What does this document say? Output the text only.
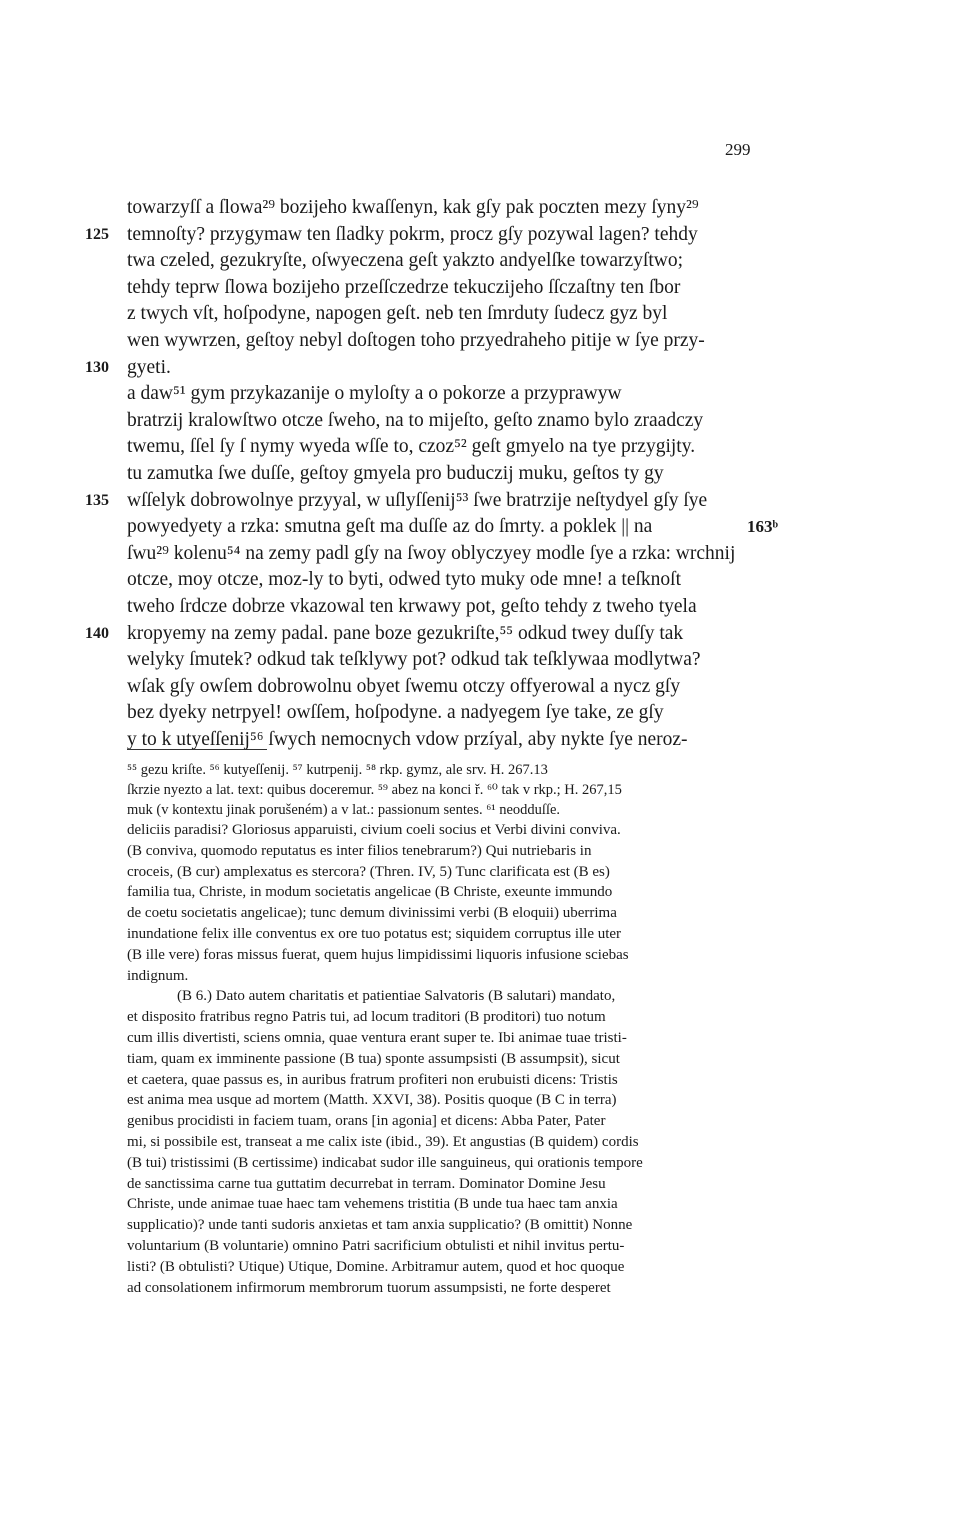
299
towarzyſſ a ſlowa²⁹ bozijeho kwaſſenyn, kak gſy pak poczten mezy ſyny²⁹
125 temnoſty? przygymaw ten ſladky pokrm, procz gſy pozywal lagen? tehdy
twa czeled, gezukryſte, oſwyeczena geſt yakzto andyelſke towarzyſtwo;
tehdy teprw ſlowa bozijeho przeſſczedrze tekuczijeho ſſczaſtny ten ſbor
z twych vſt, hoſpodyne, napogen geſt. neb ten ſmrduty ſudecz gyz byl
wen wywrzen, geſtoy nebyl doſtogen toho przyedraheho pitije w ſye przy-
130 gyeti.
a daw⁵¹ gym przykazanije o myloſty a o pokorze a przyprawyw
bratrzij kralowſtwo otcze ſweho, na to mijeſto, geſto znamo bylo zraadczy
twemu, ſſel ſy ſ nymy wyeda wſſe to, czoz⁵² geſt gmyelo na tye przygijty.
tu zamutka ſwe duſſe, geſtoy gmyela pro buduczij muku, geſtos ty gy
135 wſſelyk dobrowolnye przyyal, w uſlyſſenij⁵³ ſwe bratrzije neſtydyel gſy ſye
powyedyety a rzka: smutna geſt ma duſſe az do ſmrty. a poklek || na	163ᵇ
ſwu²⁹ kolenu⁵⁴ na zemy padl gſy na ſwoy oblyczyey modle ſye a rzka: wrchnij
otcze, moy otcze, moz-ly to byti, odwed tyto muky ode mne! a teſknoſt
tweho ſrdcze dobrze vkazowal ten krwawy pot, geſto tehdy z tweho tyela
140 kropyemy na zemy padal. pane boze gezukriſte,⁵⁵ odkud twey duſſy tak
welyky ſmutek? odkud tak teſklywy pot? odkud tak teſklywaa modlytwa?
wſak gſy owſem dobrowolnu obyet ſwemu otczy offyerowal a nycz gſy
bez dyeky netrpyel! owſſem, hoſpodyne. a nadyegem ſye take, ze gſy
y to k utyeſſenij⁵⁶ ſwych nemocnych vdow przíyal, aby nykte ſye neroz-
⁵⁵ gezu kriſte. ⁵⁶ kutyeſſenij. ⁵⁷ kutrpenij. ⁵⁸ rkp. gymz, ale srv. H. 267.13
ſkrzie nyezto a lat. text: quibus doceremur. ⁵⁹ abez na konci ř. ⁶⁰ tak v rkp.; H. 267,15
muk (v kontextu jinak porušeném) a v lat.: passionum sentes. ⁶¹ neodduſſe.
deliciis paradisi? Gloriosus apparuisti, civium coeli socius et Verbi divini conviva.
(B conviva, quomodo reputatus es inter filios tenebrarum?) Qui nutriebaris in
croceis, (B cur) amplexatus es stercora? (Thren. IV, 5) Tunc clarificata est (B es)
familia tua, Christe, in modum societatis angelicae (B Christe, exeunte immundo
de coetu societatis angelicae); tunc demum divinissimi verbi (B eloquii) uberrima
inundatione felix ille conventus ex ore tuo potatus est; siquidem corruptus ille uter
(B ille vere) foras missus fuerat, quem hujus limpidissimi liquoris infusione sciebas
indignum.
(B 6.) Dato autem charitatis et patientiae Salvatoris (B salutari) mandato,
et disposito fratribus regno Patris tui, ad locum traditori (B proditori) tuo notum
cum illis divertisti, sciens omnia, quae ventura erant super te. Ibi animae tuae tristi-
tiam, quam ex imminente passione (B tua) sponte assumpsisti (B assumpsit), sicut
et caetera, quae passus es, in auribus fratrum profiteri non erubuisti dicens: Tristis
est anima mea usque ad mortem (Matth. XXVI, 38). Positis quoque (B C in terra)
genibus procidisti in faciem tuam, orans [in agonia] et dicens: Abba Pater, Pater
mi, si possibile est, transeat a me calix iste (ibid., 39). Et angustias (B quidem) cordis
(B tui) tristissimi (B certissime) indicabat sudor ille sanguineus, qui orationis tempore
de sanctissima carne tua guttatim decurrebat in terram. Dominator Domine Jesu
Christe, unde animae tuae haec tam vehemens tristitia (B unde tua haec tam anxia
supplicatio)? unde tanti sudoris anxietas et tam anxia supplicatio? (B omittit) Nonne
voluntarium (B voluntarie) omnino Patri sacrificium obtulisti et nihil invitus pertu-
listi? (B obtulisti? Utique) Utique, Domine. Arbitramur autem, quod et hoc quoque
ad consolationem infirmorum membrorum tuorum assumpsisti, ne forte desperet
